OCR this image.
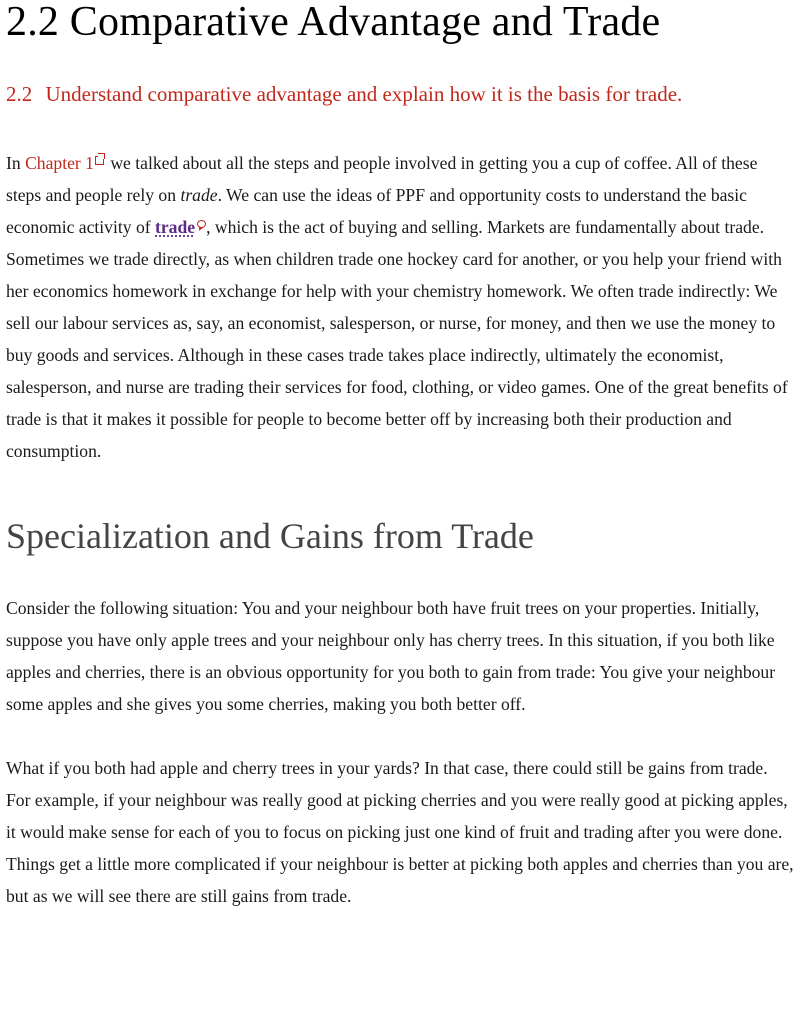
2.2 Comparative Advantage and Trade
2.2 Understand comparative advantage and explain how it is the basis for trade.

In Chapter 1 we talked about all the steps and people involved in getting you a cup of coffee. All of these steps and people rely on trade. We can use the ideas of PPF and opportunity costs to understand the basic economic activity of trade , which is the act of buying and selling. Markets are fundamentally about trade. Sometimes we trade directly, as when children trade one hockey card for another, or you help your friend with her economics homework in exchange for help with your chemistry homework. We often trade indirectly: We sell our labour services as, say, an economist, salesperson, or nurse, for money, and then we use the money to buy goods and services. Although in these cases trade takes place indirectly, ultimately the economist, salesperson, and nurse are trading their services for food, clothing, or video games. One of the great benefits of trade is that it makes it possible for people to become better off by increasing both their production and consumption.

Specialization and Gains from Trade

Consider the following situation: You and your neighbour both have fruit trees on your properties. Initially, suppose you have only apple trees and your neighbour only has cherry trees. In this situation, if you both like apples and cherries, there is an obvious opportunity for you both to gain from trade: You give your neighbour some apples and she gives you some cherries, making you both better off.

What if you both had apple and cherry trees in your yards? In that case, there could still be gains from trade. For example, if your neighbour was really good at picking cherries and you were really good at picking apples, it would make sense for each of you to focus on picking just one kind of fruit and trading after you were done. Things get a little more complicated if your neighbour is better at picking both apples and cherries than you are, but as we will see there are still gains from trade.
